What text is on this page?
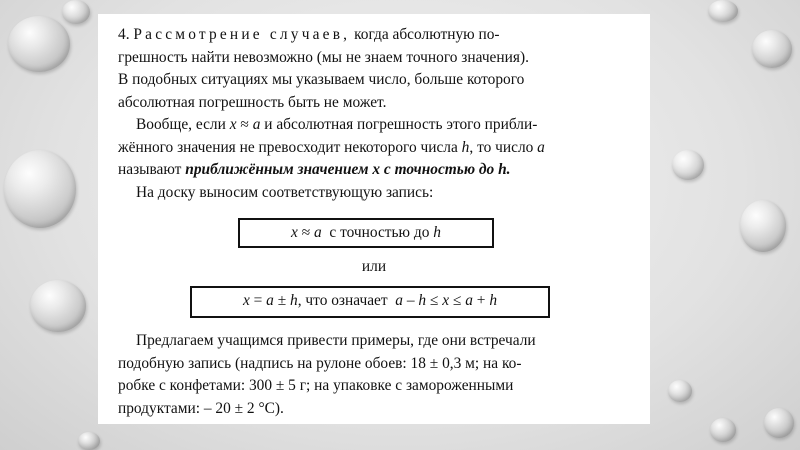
4. Рассмотрение случаев, когда абсолютную по-

грешность найти невозможно (мы не знаем точного значения).

В подобных ситуациях мы указываем число, больше которого

абсолютная погрешность быть не может.

Вообще, если x ≈ a и абсолютная погрешность этого прибли-

жённого значения не превосходит некоторого числа h, то число a

называют приближённым значением x с точностью до h.

На доску выносим соответствующую запись:

x ≈ a  с точностью до h
или
x = a ± h, что означает  a – h ≤ x ≤ a + h

Предлагаем учащимся привести примеры, где они встречали

подобную запись (надпись на рулоне обоев: 18 ± 0,3 м; на ко-

робке с конфетами: 300 ± 5 г; на упаковке с замороженными

продуктами: – 20 ± 2 °С).
